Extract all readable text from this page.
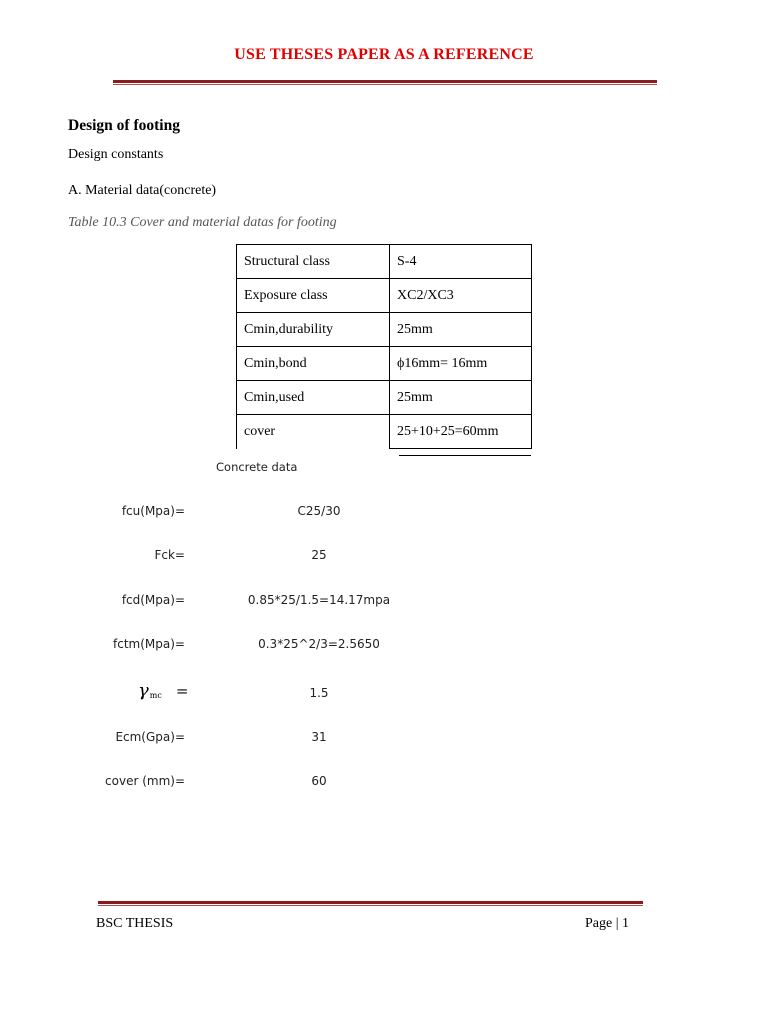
USE THESES PAPER AS A REFERENCE
Design of footing
Design constants
A. Material data(concrete)
Table 10.3 Cover and material datas for footing
Structural class	S-4
Exposure class	XC2/XC3
Cmin,durability	25mm
Cmin,bond	ϕ16mm= 16mm
Cmin,used	25mm
cover	25+10+25=60mm
Concrete data
fcu(Mpa)=	C25/30
Fck=	25
fcd(Mpa)=	0.85*25/1.5=14.17mpa
fctm(Mpa)=	0.3*25^2/3=2.5650
$\gamma_{mc}$ =	1.5
Ecm(Gpa)=	31
cover (mm)=	60
BSC THESIS	Page | 1
